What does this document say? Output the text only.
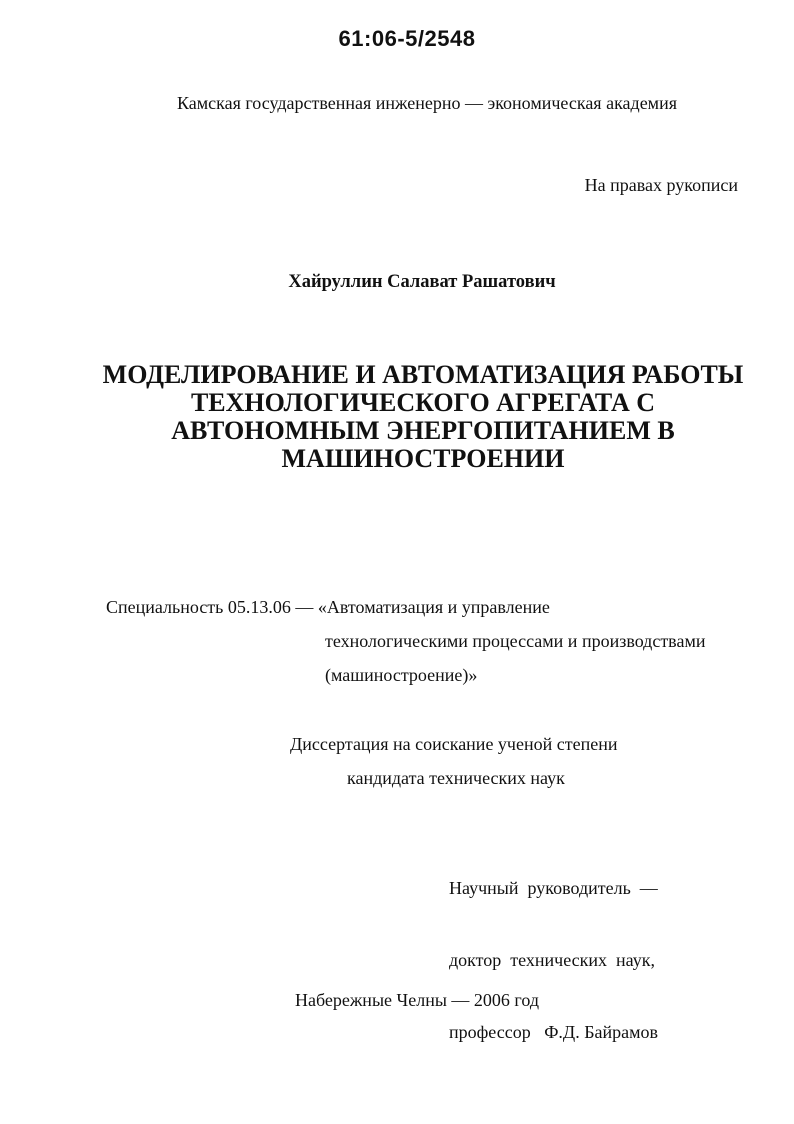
61:06-5/2548
Камская государственная инженерно — экономическая академия
На правах рукописи
Хайруллин Салават Рашатович
МОДЕЛИРОВАНИЕ И АВТОМАТИЗАЦИЯ РАБОТЫ
ТЕХНОЛОГИЧЕСКОГО АГРЕГАТА С
АВТОНОМНЫМ ЭНЕРГОПИТАНИЕМ В
МАШИНОСТРОЕНИИ
Специальность 05.13.06 — «Автоматизация и управление
технологическими процессами и производствами
(машиностроение)»
Диссертация на соискание ученой степени
кандидата технических наук

Научный  руководитель  —

доктор  технических  наук,

профессор   Ф.Д. Байрамов

Набережные Челны — 2006 год
